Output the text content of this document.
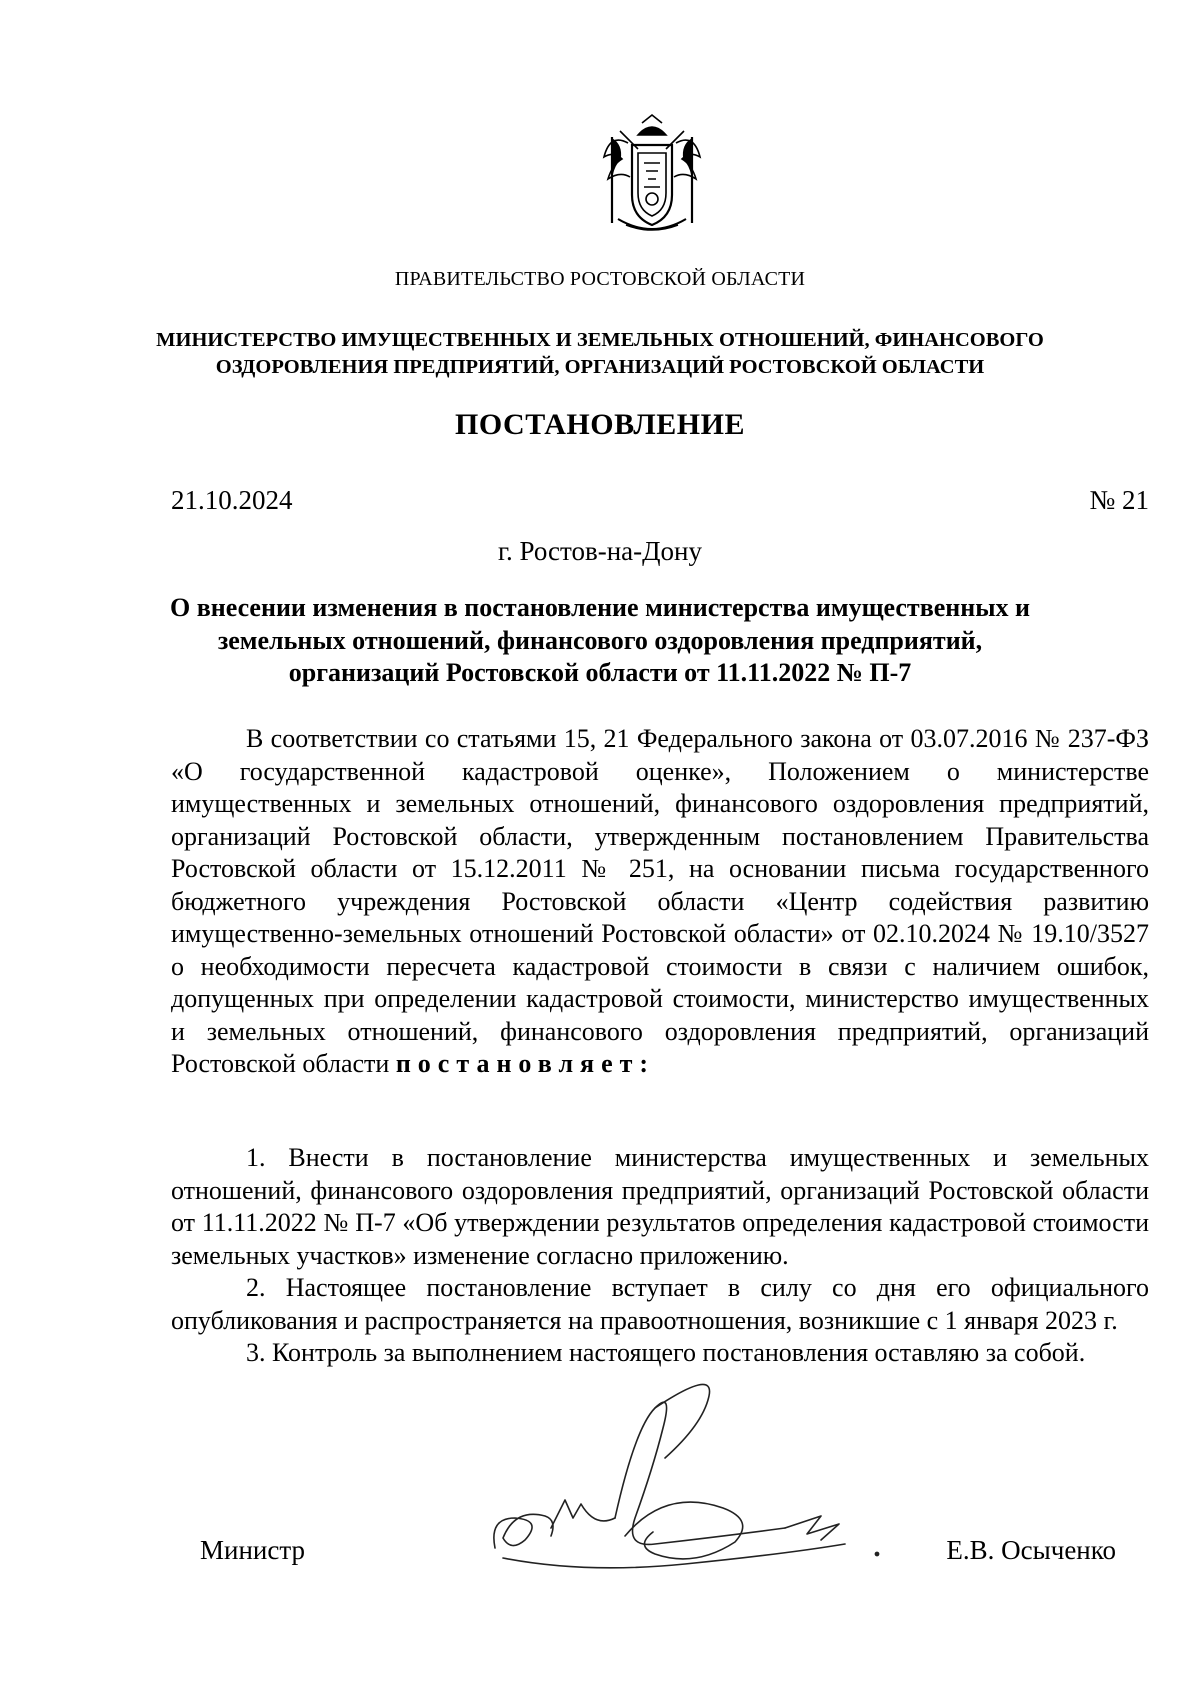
ПРАВИТЕЛЬСТВО РОСТОВСКОЙ ОБЛАСТИ
МИНИСТЕРСТВО ИМУЩЕСТВЕННЫХ И ЗЕМЕЛЬНЫХ ОТНОШЕНИЙ, ФИНАНСОВОГО
ОЗДОРОВЛЕНИЯ ПРЕДПРИЯТИЙ, ОРГАНИЗАЦИЙ РОСТОВСКОЙ ОБЛАСТИ
ПОСТАНОВЛЕНИЕ
21.10.2024	№ 21
г. Ростов-на-Дону
О внесении изменения в постановление министерства имущественных и
земельных отношений, финансового оздоровления предприятий,
организаций Ростовской области от 11.11.2022 № П-7

В соответствии со статьями 15, 21 Федерального закона от 03.07.2016 № 237-ФЗ «О государственной кадастровой оценке», Положением о министерстве имущественных и земельных отношений, финансового оздоровления предприятий, организаций Ростовской области, утвержденным постановлением Правительства Ростовской области от 15.12.2011 № 251, на основании письма государственного бюджетного учреждения Ростовской области «Центр содействия развитию имущественно-земельных отношений Ростовской области» от 02.10.2024 № 19.10/3527 о необходимости пересчета кадастровой стоимости в связи с наличием ошибок, допущенных при определении кадастровой стоимости, министерство имущественных и земельных отношений, финансового оздоровления предприятий, организаций Ростовской области постановляет:

1. Внести в постановление министерства имущественных и земельных отношений, финансового оздоровления предприятий, организаций Ростовской области от 11.11.2022 № П-7 «Об утверждении результатов определения кадастровой стоимости земельных участков» изменение согласно приложению.

2. Настоящее постановление вступает в силу со дня его официального опубликования и распространяется на правоотношения, возникшие с 1 января 2023 г.

3. Контроль за выполнением настоящего постановления оставляю за собой.

Министр	Е.В. Осыченко
